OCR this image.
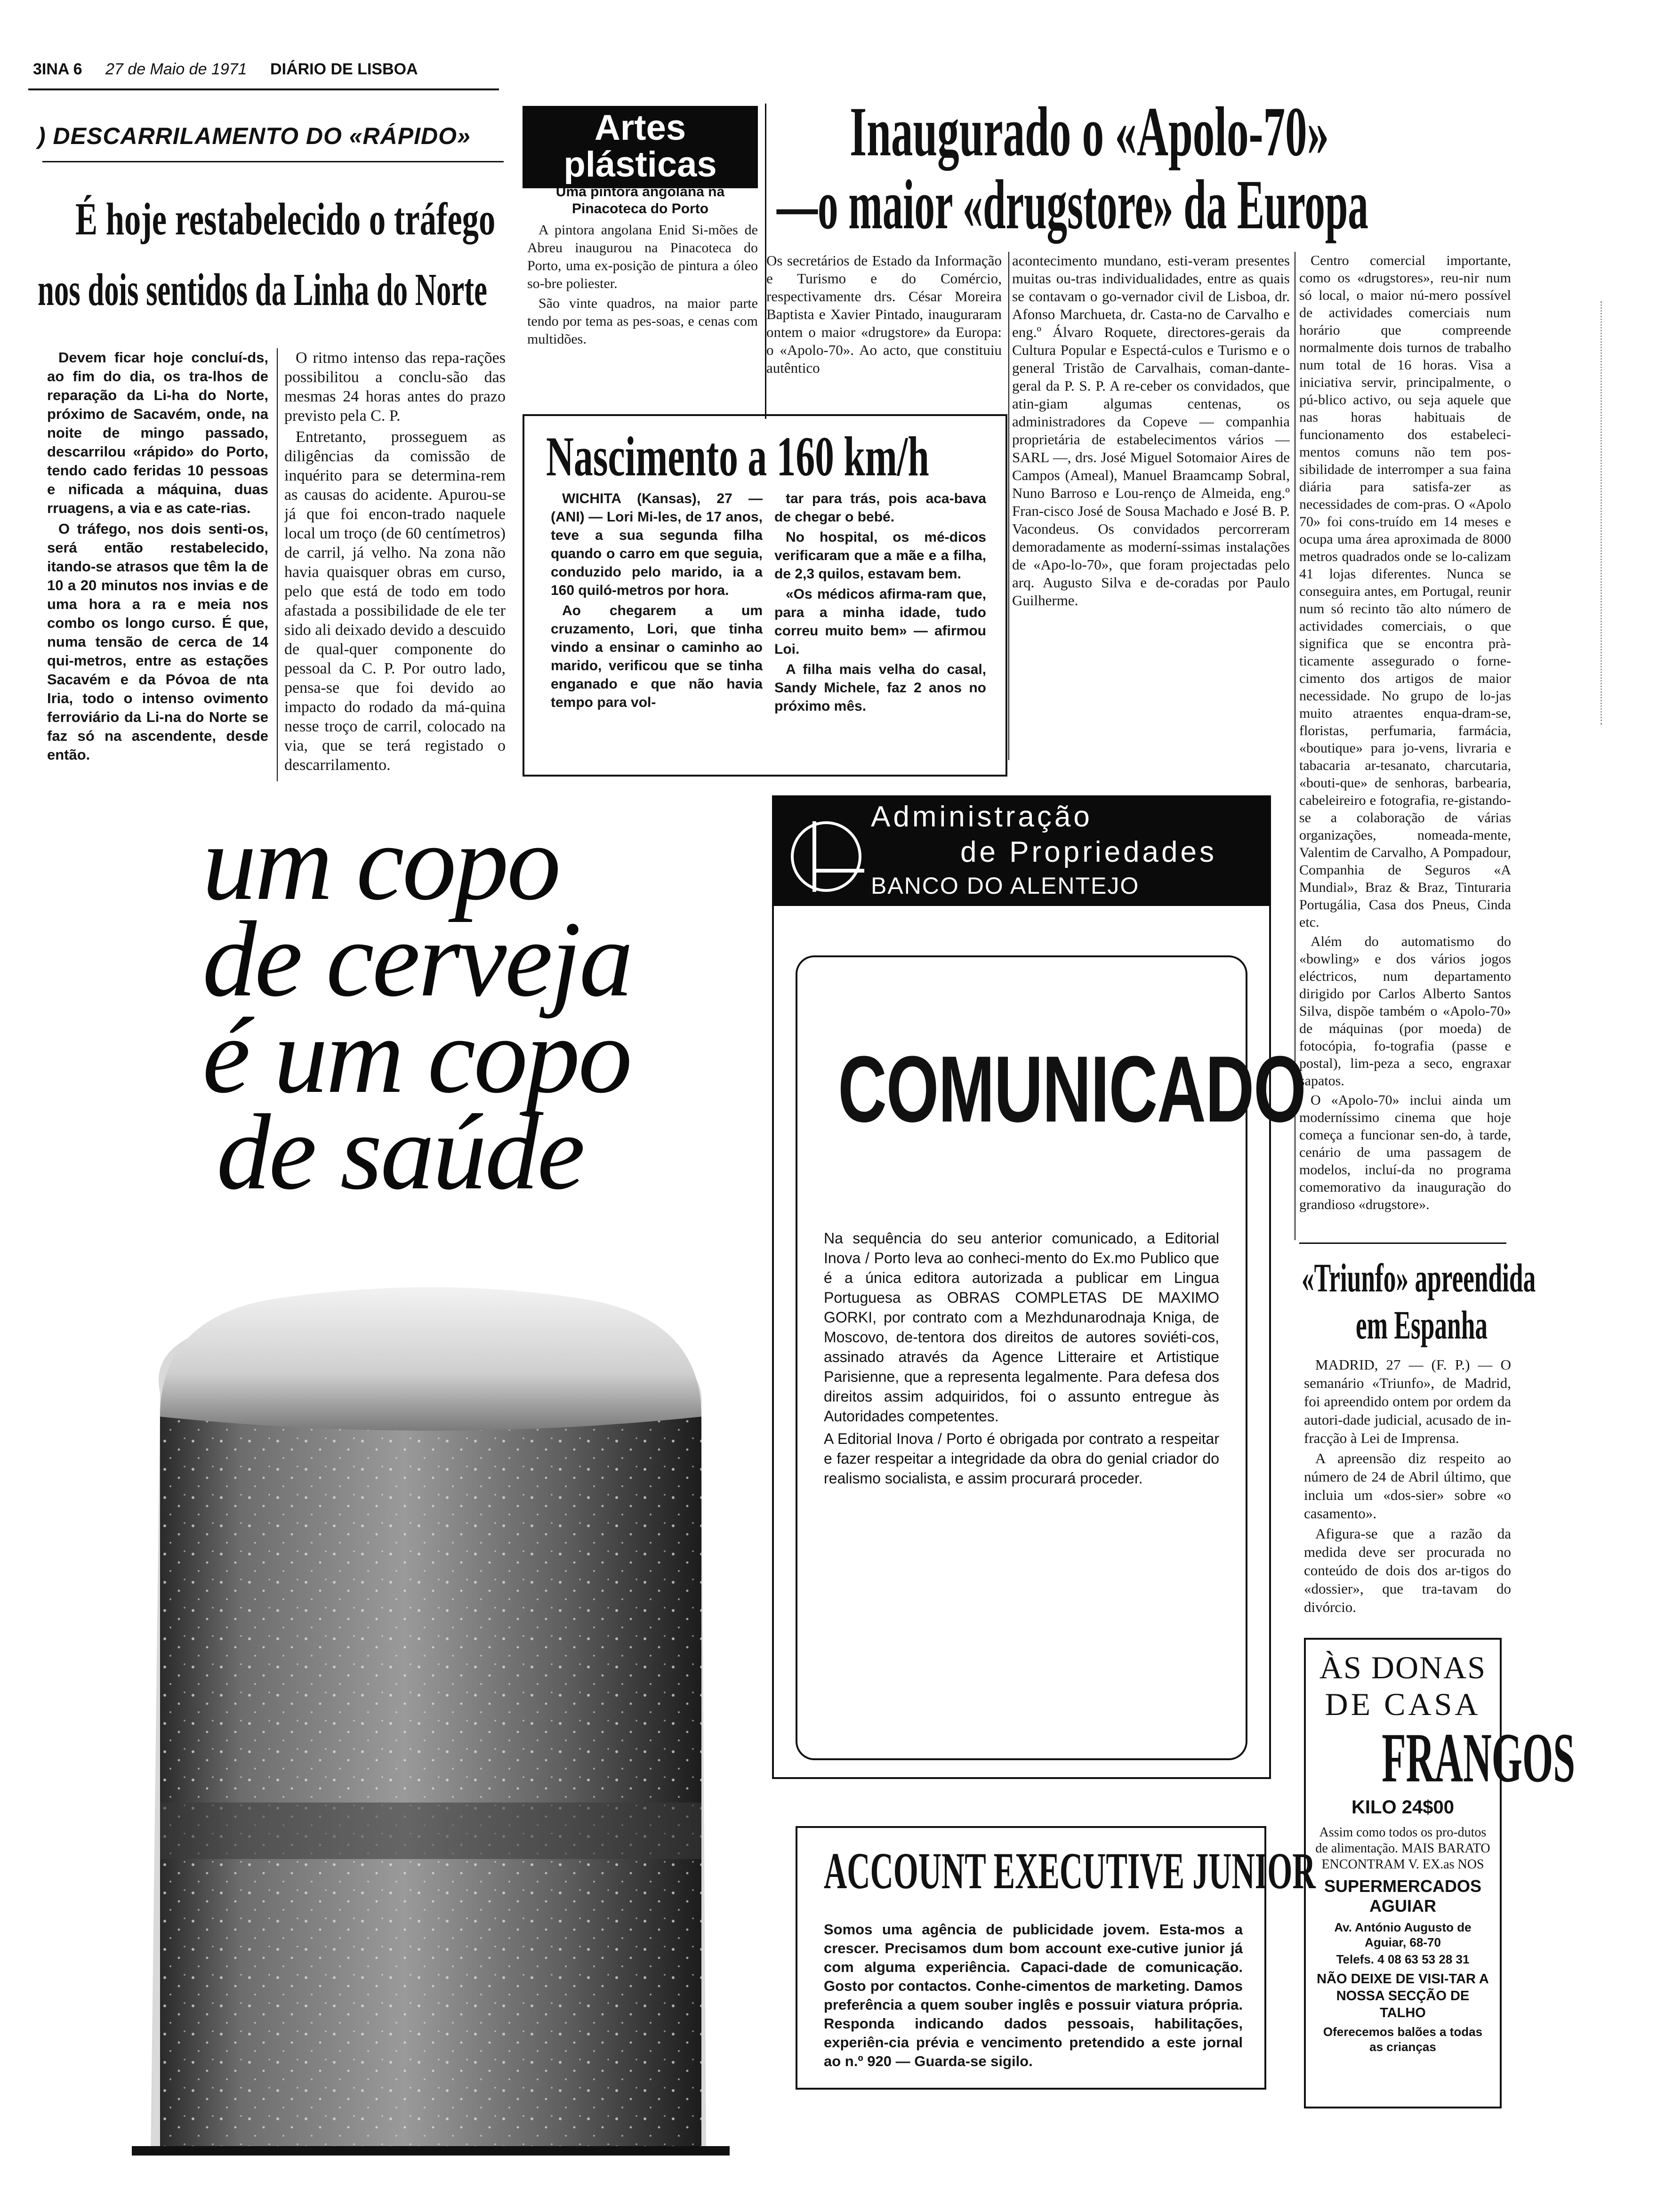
3INA 6 27 de Maio de 1971 DIÁRIO DE LISBOA
) DESCARRILAMENTO DO «RÁPIDO»
É hoje restabelecido o tráfego
nos dois sentidos da Linha do Norte

Devem ficar hoje concluí-ds, ao fim do dia, os tra-lhos de reparação da Li-ha do Norte, próximo de Sacavém, onde, na noite de mingo passado, descarrilou «rápido» do Porto, tendo cado feridas 10 pessoas e nificada a máquina, duas rruagens, a via e as cate-rias.

O tráfego, nos dois senti-os, será então restabelecido, itando-se atrasos que têm la de 10 a 20 minutos nos invias e de uma hora a ra e meia nos combo os longo curso. É que, numa tensão de cerca de 14 qui-metros, entre as estações Sacavém e da Póvoa de nta Iria, todo o intenso ovimento ferroviário da Li-na do Norte se faz só na ascendente, desde então.

O ritmo intenso das repa-rações possibilitou a conclu-são das mesmas 24 horas antes do prazo previsto pela C. P.

Entretanto, prosseguem as diligências da comissão de inquérito para se determina-rem as causas do acidente. Apurou-se já que foi encon-trado naquele local um troço (de 60 centímetros) de carril, já velho. Na zona não havia quaisquer obras em curso, pelo que está de todo em todo afastada a possibilidade de ele ter sido ali deixado devido a descuido de qual-quer componente do pessoal da C. P. Por outro lado, pensa-se que foi devido ao impacto do rodado da má-quina nesse troço de carril, colocado na via, que se terá registado o descarrilamento.

Artes
plásticas
Uma pintora angolana na Pinacoteca do Porto

A pintora angolana Enid Si-mões de Abreu inaugurou na Pinacoteca do Porto, uma ex-posição de pintura a óleo so-bre poliester.

São vinte quadros, na maior parte tendo por tema as pes-soas, e cenas com multidões.

Inaugurado o «Apolo-70»
—o maior «drugstore» da Europa
Os secretários de Estado da Informação e Turismo e do Comércio, respectivamente drs. César Moreira Baptista e Xavier Pintado, inauguraram ontem o maior «drugstore» da Europa: o «Apolo-70». Ao acto, que constituiu autêntico
acontecimento mundano, esti-veram presentes muitas ou-tras individualidades, entre as quais se contavam o go-vernador civil de Lisboa, dr. Afonso Marchueta, dr. Casta-no de Carvalho e eng.º Álvaro Roquete, directores-gerais da Cultura Popular e Espectá-culos e Turismo e o general Tristão de Carvalhais, coman-dante-geral da P. S. P. A re-ceber os convidados, que atin-giam algumas centenas, os administradores da Copeve — companhia proprietária de estabelecimentos vários — SARL —, drs. José Miguel Sotomaior Aires de Campos (Ameal), Manuel Braamcamp Sobral, Nuno Barroso e Lou-renço de Almeida, eng.º Fran-cisco José de Sousa Machado e José B. P. Vacondeus. Os convidados percorreram demoradamente as moderní-ssimas instalações de «Apo-lo-70», que foram projectadas pelo arq. Augusto Silva e de-coradas por Paulo Guilherme.

Centro comercial importante, como os «drugstores», reu-nir num só local, o maior nú-mero possível de actividades comerciais num horário que compreende normalmente dois turnos de trabalho num total de 16 horas. Visa a iniciativa servir, principalmente, o pú-blico activo, ou seja aquele que nas horas habituais de funcionamento dos estabeleci-mentos comuns não tem pos-sibilidade de interromper a sua faina diária para satisfa-zer as necessidades de com-pras. O «Apolo 70» foi cons-truído em 14 meses e ocupa uma área aproximada de 8000 metros quadrados onde se lo-calizam 41 lojas diferentes. Nunca se conseguira antes, em Portugal, reunir num só recinto tão alto número de actividades comerciais, o que significa que se encontra prà-ticamente assegurado o forne-cimento dos artigos de maior necessidade. No grupo de lo-jas muito atraentes enqua-dram-se, floristas, perfumaria, farmácia, «boutique» para jo-vens, livraria e tabacaria ar-tesanato, charcutaria, «bouti-que» de senhoras, barbearia, cabeleireiro e fotografia, re-gistando-se a colaboração de várias organizações, nomeada-mente, Valentim de Carvalho, A Pompadour, Companhia de Seguros «A Mundial», Braz & Braz, Tinturaria Portugália, Casa dos Pneus, Cinda etc.

Além do automatismo do «bowling» e dos vários jogos eléctricos, num departamento dirigido por Carlos Alberto Santos Silva, dispõe também o «Apolo-70» de máquinas (por moeda) de fotocópia, fo-tografia (passe e postal), lim-peza a seco, engraxar sapatos.

O «Apolo-70» inclui ainda um moderníssimo cinema que hoje começa a funcionar sen-do, à tarde, cenário de uma passagem de modelos, incluí-da no programa comemorativo da inauguração do grandioso «drugstore».

Nascimento a 160 km/h

WICHITA (Kansas), 27 — (ANI) — Lori Mi-les, de 17 anos, teve a sua segunda filha quando o carro em que seguia, conduzido pelo marido, ia a 160 quiló-metros por hora.

Ao chegarem a um cruzamento, Lori, que tinha vindo a ensinar o caminho ao marido, verificou que se tinha enganado e que não havia tempo para vol-

tar para trás, pois aca-bava de chegar o bebé.

No hospital, os mé-dicos verificaram que a mãe e a filha, de 2,3 quilos, estavam bem.

«Os médicos afirma-ram que, para a minha idade, tudo correu muito bem» — afirmou Loi.

A filha mais velha do casal, Sandy Michele, faz 2 anos no próximo mês.

um copo
de cerveja
é um copo
de saúde
Administração
de Propriedades
BANCO DO ALENTEJO
COMUNICADO

Na sequência do seu anterior comunicado, a Editorial Inova / Porto leva ao conheci-mento do Ex.mo Publico que é a única editora autorizada a publicar em Lingua Portuguesa as OBRAS COMPLETAS DE MAXIMO GORKI, por contrato com a Mezhdunarodnaja Kniga, de Moscovo, de-tentora dos direitos de autores soviéti-cos, assinado através da Agence Litteraire et Artistique Parisienne, que a representa legalmente. Para defesa dos direitos assim adquiridos, foi o assunto entregue às Autoridades competentes.

A Editorial Inova / Porto é obrigada por contrato a respeitar e fazer respeitar a integridade da obra do genial criador do realismo socialista, e assim procurará proceder.

ACCOUNT EXECUTIVE JUNIOR
Somos uma agência de publicidade jovem. Esta-mos a crescer. Precisamos dum bom account exe-cutive junior já com alguma experiência. Capaci-dade de comunicação. Gosto por contactos. Conhe-cimentos de marketing. Damos preferência a quem souber inglês e possuir viatura própria. Responda indicando dados pessoais, habilitações, experiên-cia prévia e vencimento pretendido a este jornal ao n.º 920 — Guarda-se sigilo.
«Triunfo» apreendida
em Espanha

MADRID, 27 — (F. P.) — O semanário «Triunfo», de Madrid, foi apreendido ontem por ordem da autori-dade judicial, acusado de in-fracção à Lei de Imprensa.

A apreensão diz respeito ao número de 24 de Abril último, que incluia um «dos-sier» sobre «o casamento».

Afigura-se que a razão da medida deve ser procurada no conteúdo de dois dos ar-tigos do «dossier», que tra-tavam do divórcio.

ÀS DONAS
DE CASA
FRANGOS
KILO 24$00
Assim como todos os pro-dutos de alimentação. MAIS BARATO ENCONTRAM V. EX.as NOS
SUPERMERCADOS AGUIAR
Av. António Augusto de Aguiar, 68-70
Telefs. 4 08 63 53 28 31
NÃO DEIXE DE VISI-TAR A NOSSA SECÇÃO DE TALHO
Oferecemos balões a todas as crianças
